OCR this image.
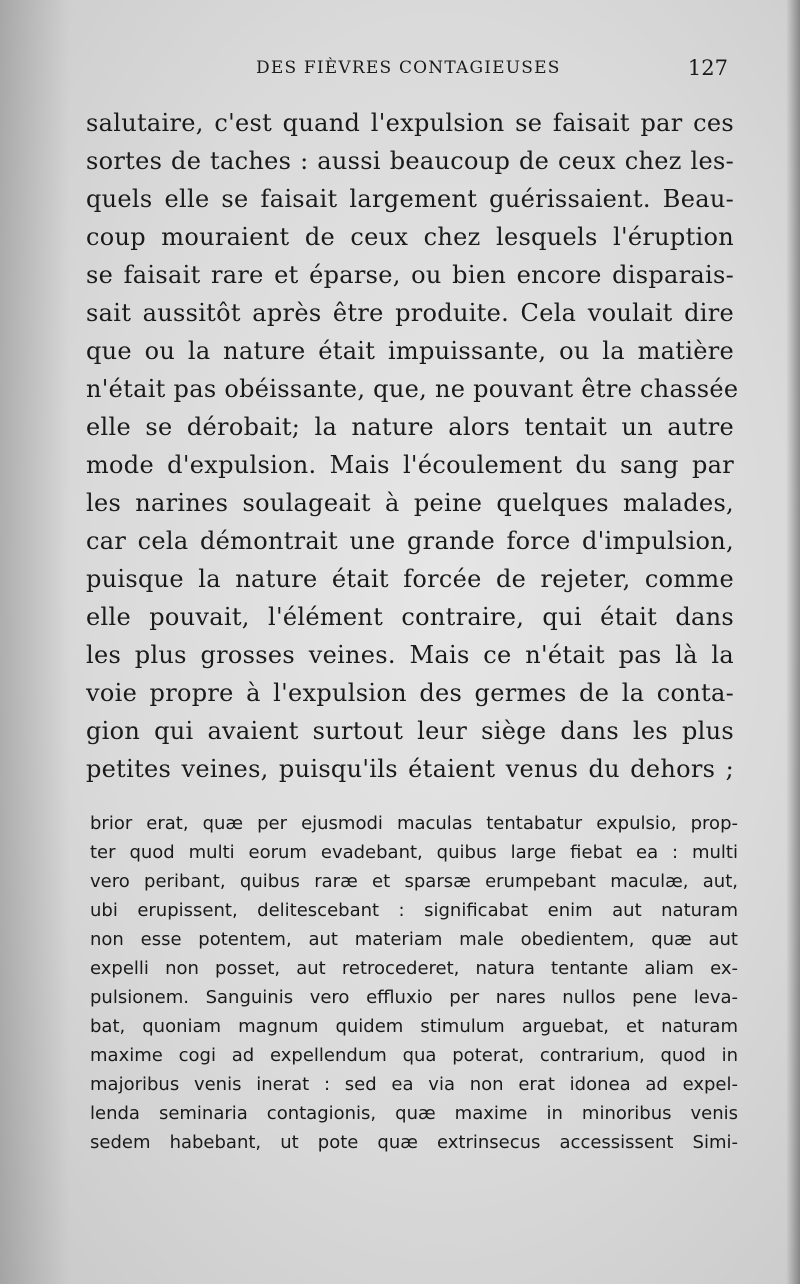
DES FIÈVRES CONTAGIEUSES	127
salutaire, c'est quand l'expulsion se faisait par ces
sortes de taches : aussi beaucoup de ceux chez les-
quels elle se faisait largement guérissaient. Beau-
coup mouraient de ceux chez lesquels l'éruption
se faisait rare et éparse, ou bien encore disparais-
sait aussitôt après être produite. Cela voulait dire
que ou la nature était impuissante, ou la matière
n'était pas obéissante, que, ne pouvant être chassée
elle se dérobait; la nature alors tentait un autre
mode d'expulsion. Mais l'écoulement du sang par
les narines soulageait à peine quelques malades,
car cela démontrait une grande force d'impulsion,
puisque la nature était forcée de rejeter, comme
elle pouvait, l'élément contraire, qui était dans
les plus grosses veines. Mais ce n'était pas là la
voie propre à l'expulsion des germes de la conta-
gion qui avaient surtout leur siège dans les plus
petites veines, puisqu'ils étaient venus du dehors ;
brior erat, quæ per ejusmodi maculas tentabatur expulsio, prop-
ter quod multi eorum evadebant, quibus large fiebat ea : multi
vero peribant, quibus raræ et sparsæ erumpebant maculæ, aut,
ubi erupissent, delitescebant : significabat enim aut naturam
non esse potentem, aut materiam male obedientem, quæ aut
expelli non posset, aut retrocederet, natura tentante aliam ex-
pulsionem. Sanguinis vero effluxio per nares nullos pene leva-
bat, quoniam magnum quidem stimulum arguebat, et naturam
maxime cogi ad expellendum qua poterat, contrarium, quod in
majoribus venis inerat : sed ea via non erat idonea ad expel-
lenda seminaria contagionis, quæ maxime in minoribus venis
sedem habebant, ut pote quæ extrinsecus accessissent Simi-
